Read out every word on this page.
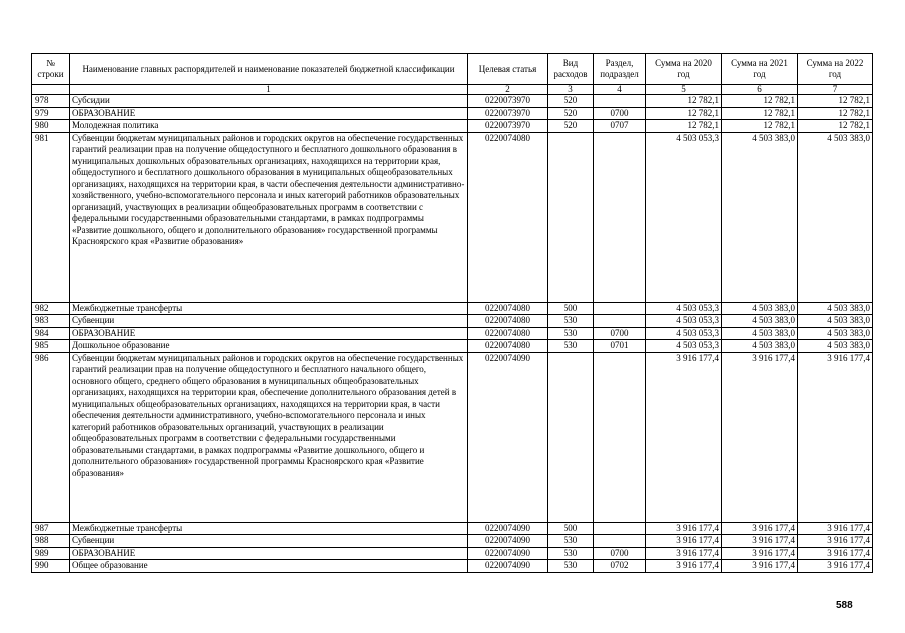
№ строки	Наименование главных распорядителей и наименование показателей бюджетной классификации	Целевая статья	Вид расходов	Раздел, подраздел	Сумма на 2020 год	Сумма на 2021 год	Сумма на 2022 год
	1	2	3	4	5	6	7
978	Субсидии	0220073970	520		12 782,1	12 782,1	12 782,1
979	ОБРАЗОВАНИЕ	0220073970	520	0700	12 782,1	12 782,1	12 782,1
980	Молодежная политика	0220073970	520	0707	12 782,1	12 782,1	12 782,1
981	Субвенции бюджетам муниципальных районов и городских округов на обеспечение государственных гарантий реализации прав на получение общедоступного и бесплатного дошкольного образования в муниципальных дошкольных образовательных организациях, находящихся на территории края, общедоступного и бесплатного дошкольного образования в муниципальных общеобразовательных организациях, находящихся на территории края, в части обеспечения деятельности административно-хозяйственного, учебно-вспомогательного персонала и иных категорий работников образовательных организаций, участвующих в реализации общеобразовательных программ в соответствии с федеральными государственными образовательными стандартами, в рамках подпрограммы «Развитие дошкольного, общего и дополнительного образования» государственной программы Красноярского края «Развитие образования»	0220074080			4 503 053,3	4 503 383,0	4 503 383,0
982	Межбюджетные трансферты	0220074080	500		4 503 053,3	4 503 383,0	4 503 383,0
983	Субвенции	0220074080	530		4 503 053,3	4 503 383,0	4 503 383,0
984	ОБРАЗОВАНИЕ	0220074080	530	0700	4 503 053,3	4 503 383,0	4 503 383,0
985	Дошкольное образование	0220074080	530	0701	4 503 053,3	4 503 383,0	4 503 383,0
986	Субвенции бюджетам муниципальных районов и городских округов на обеспечение государственных гарантий реализации прав на получение общедоступного и бесплатного начального общего, основного общего, среднего общего образования в муниципальных общеобразовательных организациях, находящихся на территории края, обеспечение дополнительного образования детей в муниципальных общеобразовательных организациях, находящихся на территории края, в части обеспечения деятельности административного, учебно-вспомогательного персонала и иных категорий работников образовательных организаций, участвующих в реализации общеобразовательных программ в соответствии с федеральными государственными образовательными стандартами, в рамках подпрограммы «Развитие дошкольного, общего и дополнительного образования» государственной программы Красноярского края «Развитие образования»	0220074090			3 916 177,4	3 916 177,4	3 916 177,4
987	Межбюджетные трансферты	0220074090	500		3 916 177,4	3 916 177,4	3 916 177,4
988	Субвенции	0220074090	530		3 916 177,4	3 916 177,4	3 916 177,4
989	ОБРАЗОВАНИЕ	0220074090	530	0700	3 916 177,4	3 916 177,4	3 916 177,4
990	Общее образование	0220074090	530	0702	3 916 177,4	3 916 177,4	3 916 177,4
588
